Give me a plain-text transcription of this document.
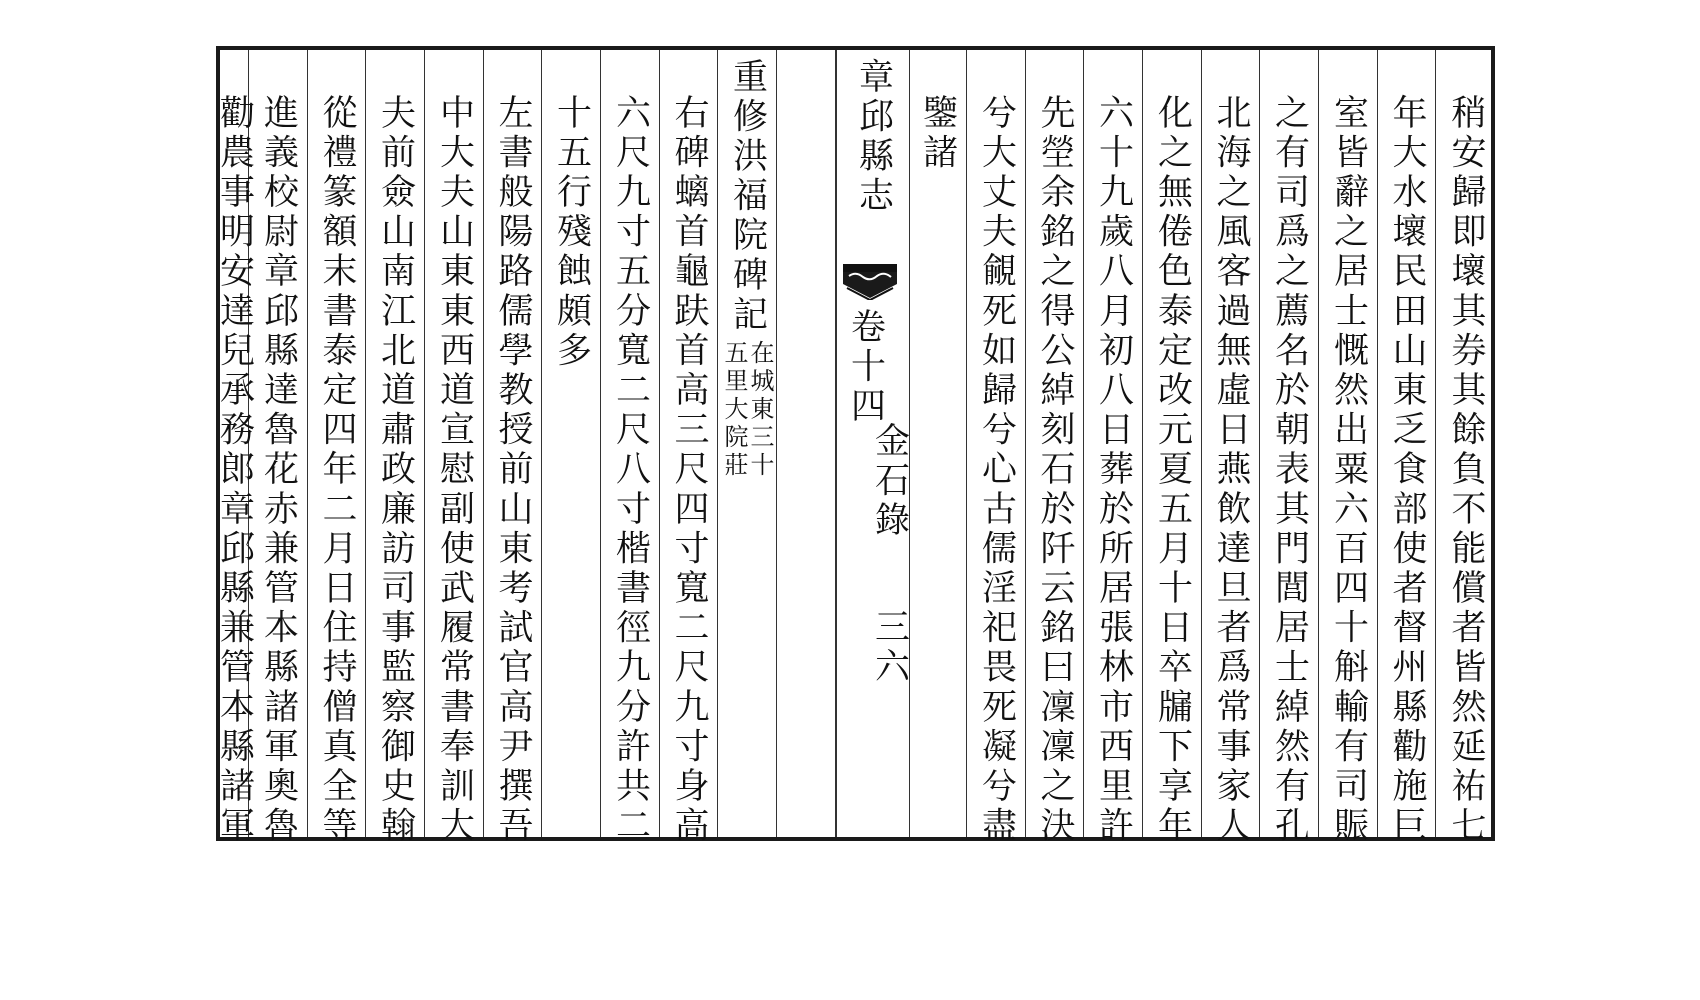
稍安歸即壞其券其餘負不能償者皆然延祐七
年大水壞民田山東乏食部使者督州縣勸施巨
室皆辭之居士慨然出粟六百四十斛輸有司賑
之有司爲之薦名於朝表其門閭居士綽然有孔
北海之風客過無虛日燕飲達旦者爲常事家人
化之無倦色泰定改元夏五月十日卒牖下享年
六十九歲八月初八日葬於所居張林市西里許
先塋余銘之得公綽刻石於阡云銘曰凜凜之決
兮大丈夫覦死如歸兮心古儒淫祀畏死凝兮盡
鑒諸
章邱縣志
卷十四
金石錄
三六
重修洪福院碑記
右碑螭首龜趺首高三尺四寸寬二尺九寸身高
六尺九寸五分寬二尺八寸楷書徑九分許共二
十五行殘蝕頗多
左書般陽路儒學教授前山東考試官高尹撰吾
中大夫山東東西道宣慰副使武履常書奉訓大
夫前僉山南江北道肅政廉訪司事監察御史翰
從禮篆額末書泰定四年二月日住持僧真全等
進義校尉章邱縣達魯花赤兼管本縣諸軍奧魯
勸農事明安達兒承務郎章邱縣兼管本縣諸軍	在城東三十
五里大院莊
